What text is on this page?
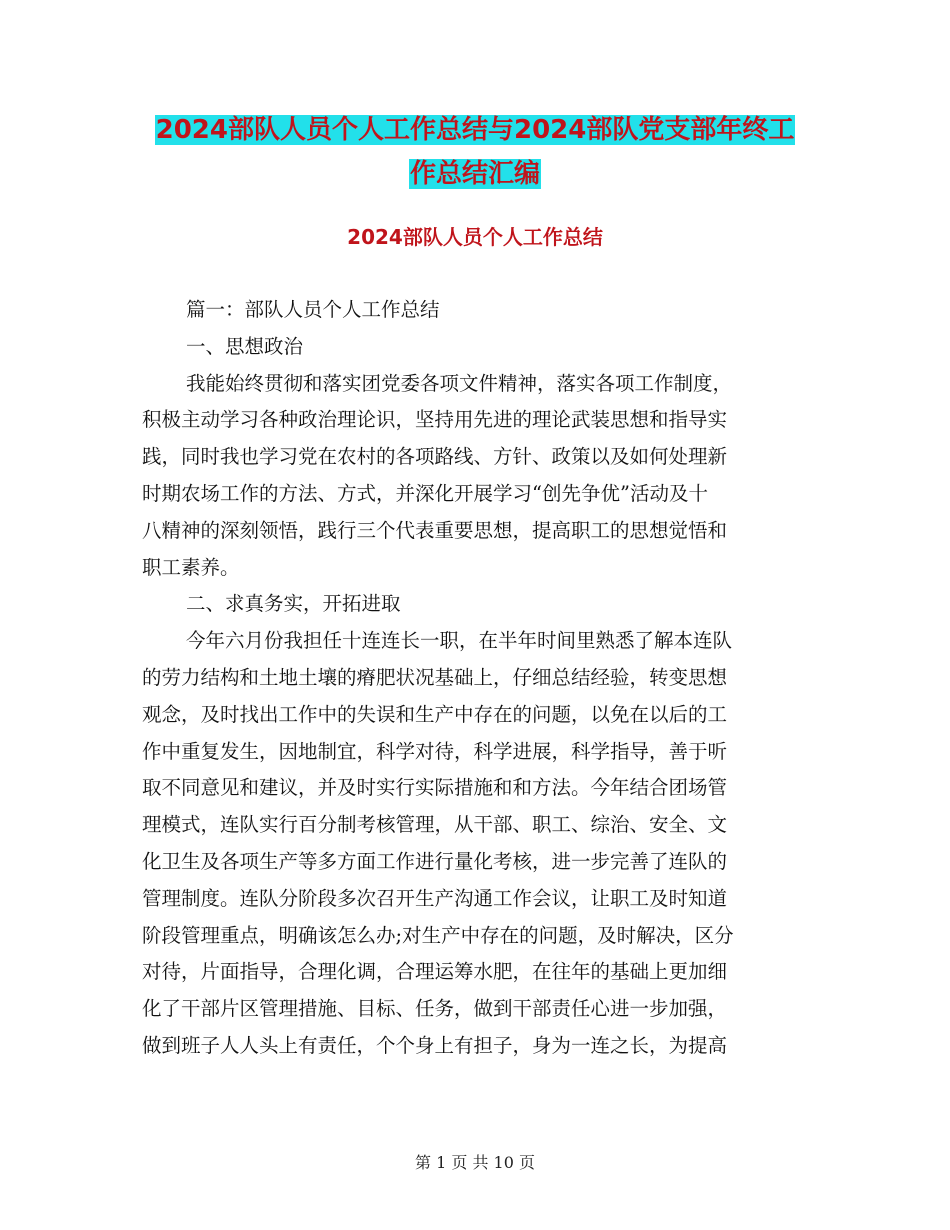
2024部队人员个人工作总结与2024部队党支部年终工
作总结汇编
2024部队人员个人工作总结
篇一：部队人员个人工作总结
一、思想政治
我能始终贯彻和落实团党委各项文件精神，落实各项工作制度，
积极主动学习各种政治理论识，坚持用先进的理论武装思想和指导实
践，同时我也学习党在农村的各项路线、方针、政策以及如何处理新
时期农场工作的方法、方式，并深化开展学习“创先争优”活动及十
八精神的深刻领悟，践行三个代表重要思想，提高职工的思想觉悟和
职工素养。
二、求真务实，开拓进取
今年六月份我担任十连连长一职，在半年时间里熟悉了解本连队
的劳力结构和土地土壤的瘠肥状况基础上，仔细总结经验，转变思想
观念，及时找出工作中的失误和生产中存在的问题，以免在以后的工
作中重复发生，因地制宜，科学对待，科学进展，科学指导，善于听
取不同意见和建议，并及时实行实际措施和和方法。今年结合团场管
理模式，连队实行百分制考核管理，从干部、职工、综治、安全、文
化卫生及各项生产等多方面工作进行量化考核，进一步完善了连队的
管理制度。连队分阶段多次召开生产沟通工作会议，让职工及时知道
阶段管理重点，明确该怎么办;对生产中存在的问题，及时解决，区分
对待，片面指导，合理化调，合理运筹水肥，在往年的基础上更加细
化了干部片区管理措施、目标、任务，做到干部责任心进一步加强，
做到班子人人头上有责任，个个身上有担子，身为一连之长，为提高
第 1 页 共 10 页
